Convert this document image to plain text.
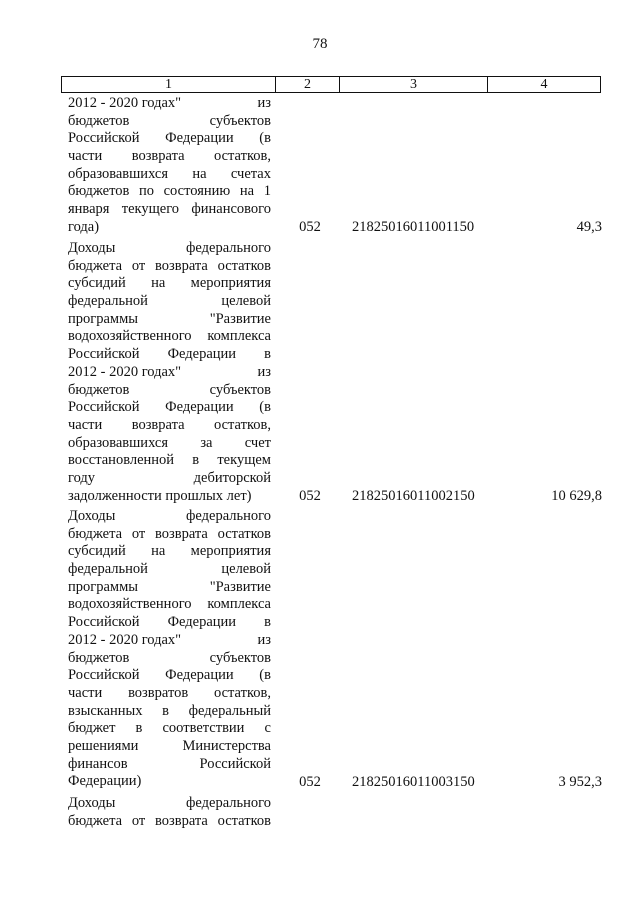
78
1	2	3	4
2012 - 2020 годах"	из
бюджетов	субъектов
Российской Федерации (в
части возврата остатков,
образовавшихся на счетах
бюджетов по состоянию на 1
января текущего финансового
года)	052 21825016011001150	49,3
Доходы	федерального
бюджета от возврата остатков
субсидий на мероприятия
федеральной	целевой
программы	"Развитие
водохозяйственного комплекса
Российской Федерации в
2012 - 2020 годах"	из
бюджетов	субъектов
Российской Федерации (в
части возврата остатков,
образовавшихся за счет
восстановленной в текущем
году	дебиторской
задолженности прошлых лет)	052 21825016011002150	10 629,8
Доходы	федерального
бюджета от возврата остатков
субсидий на мероприятия
федеральной	целевой
программы	"Развитие
водохозяйственного комплекса
Российской Федерации в
2012 - 2020 годах"	из
бюджетов	субъектов
Российской Федерации (в
части возвратов остатков,
взысканных в федеральный
бюджет в соответствии с
решениями	Министерства
финансов	Российской
Федерации)	052 21825016011003150	3 952,3
Доходы	федерального
бюджета от возврата остатков
